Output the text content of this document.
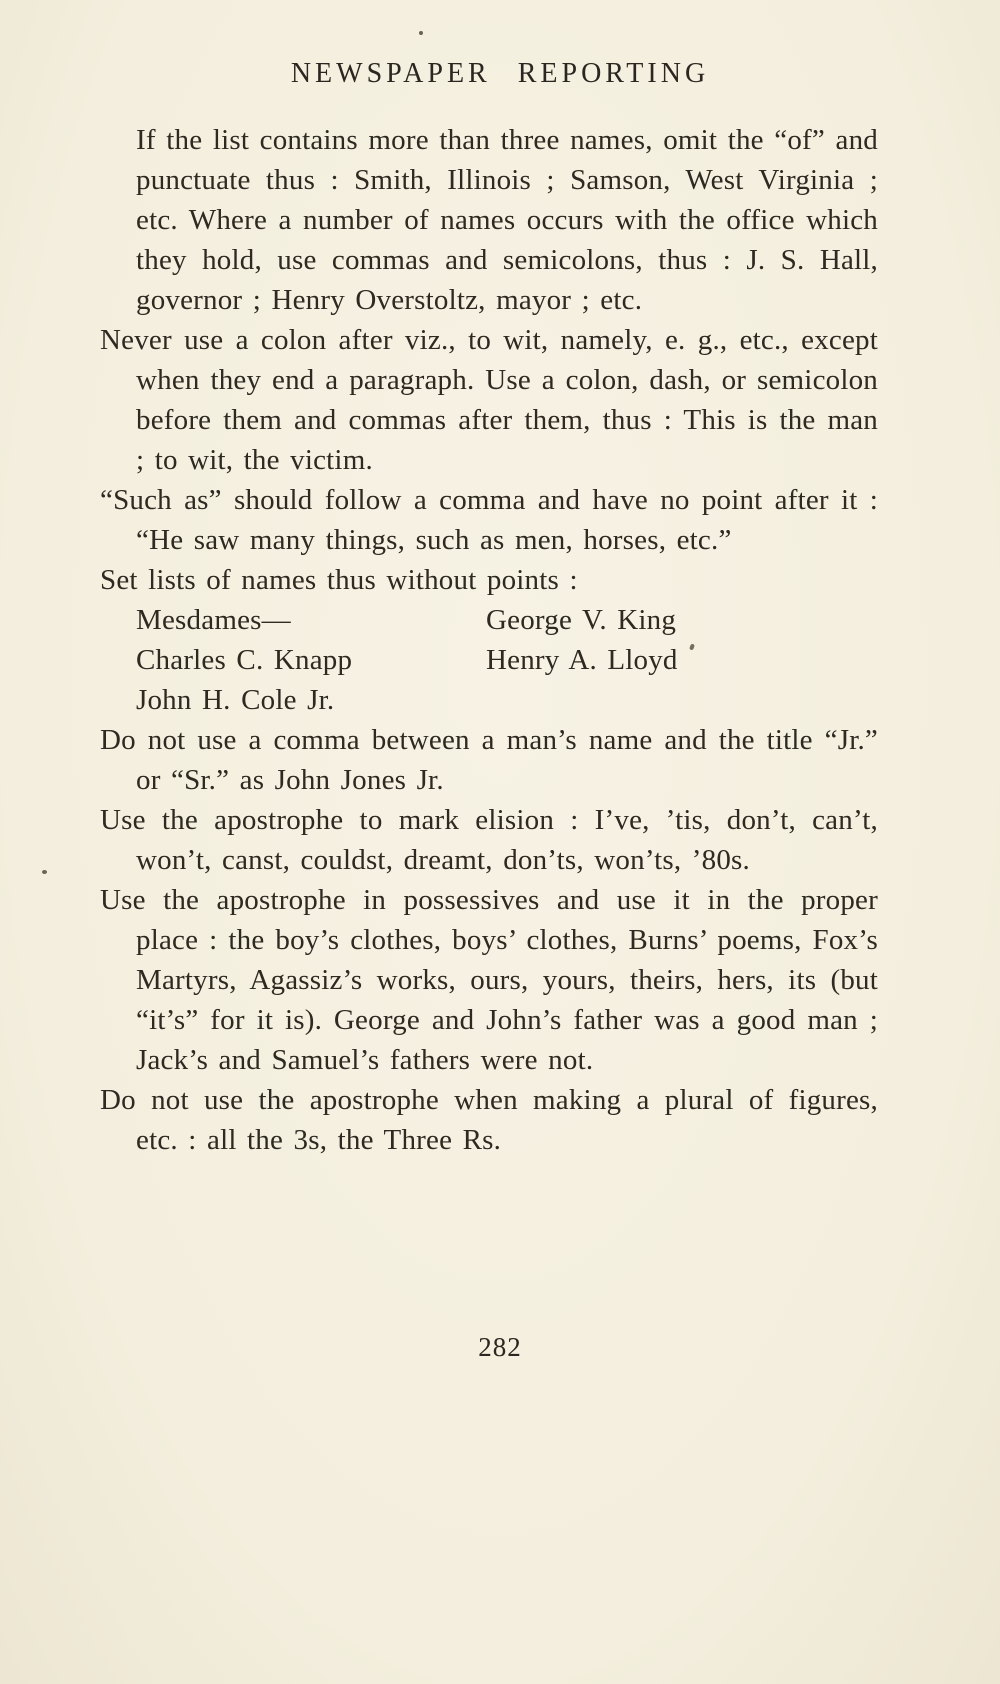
NEWSPAPER REPORTING

If the list contains more than three names, omit the “of” and punctuate thus : Smith, Illinois ; Samson, West Virginia ; etc. Where a number of names occurs with the office which they hold, use commas and semicolons, thus : J. S. Hall, governor ; Henry Overstoltz, mayor ; etc.

Never use a colon after viz., to wit, namely, e. g., etc., except when they end a paragraph. Use a colon, dash, or semicolon before them and commas after them, thus : This is the man ; to wit, the victim.

“Such as” should follow a comma and have no point after it : “He saw many things, such as men, horses, etc.”

Set lists of names thus without points :

Mesdames—	George V. King
Charles C. Knapp	Henry A. Lloyd
John H. Cole Jr.

Do not use a comma between a man’s name and the title “Jr.” or “Sr.” as John Jones Jr.

Use the apostrophe to mark elision : I’ve, ’tis, don’t, can’t, won’t, canst, couldst, dreamt, don’ts, won’ts, ’80s.

Use the apostrophe in possessives and use it in the proper place : the boy’s clothes, boys’ clothes, Burns’ poems, Fox’s Martyrs, Agassiz’s works, ours, yours, theirs, hers, its (but “it’s” for it is). George and John’s father was a good man ; Jack’s and Samuel’s fathers were not.

Do not use the apostrophe when making a plural of figures, etc. : all the 3s, the Three Rs.

282
